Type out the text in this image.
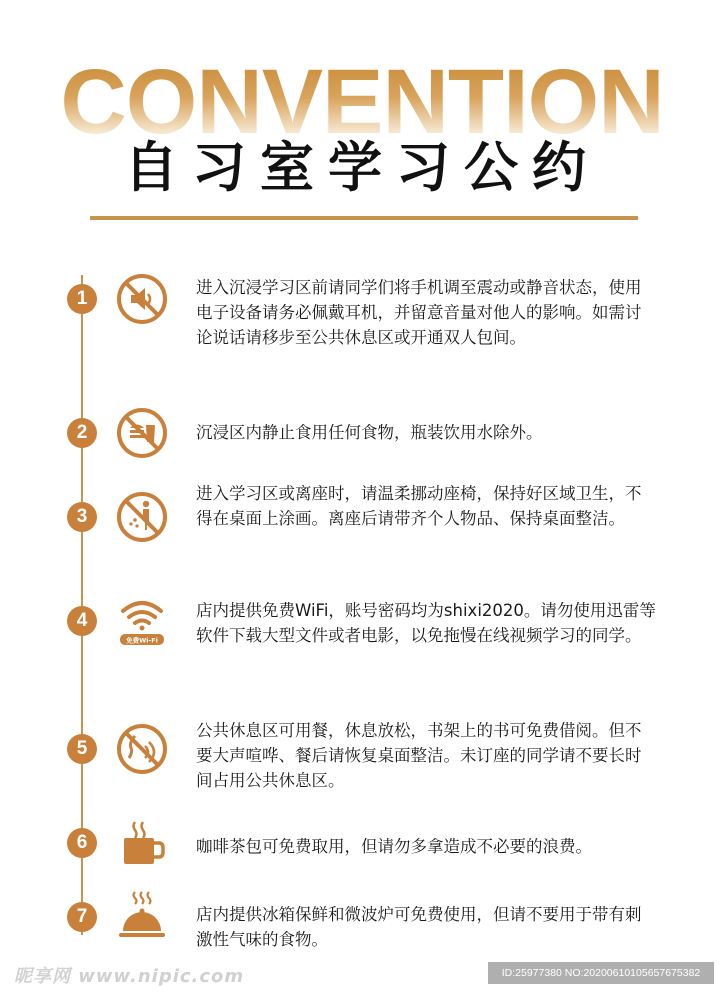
CONVENTION
自习室学习公约
1
进入沉浸学习区前请同学们将手机调至震动或静音状态，使用电子设备请务必佩戴耳机，并留意音量对他人的影响。如需讨论说话请移步至公共休息区或开通双人包间。
2	沉浸区内静止食用任何食物，瓶装饮用水除外。
3
进入学习区或离座时，请温柔挪动座椅，保持好区域卫生，不得在桌面上涂画。离座后请带齐个人物品、保持桌面整洁。
4
免费Wi-Fi
店内提供免费WiFi，账号密码均为shixi2020。请勿使用迅雷等软件下载大型文件或者电影，以免拖慢在线视频学习的同学。
5
公共休息区可用餐，休息放松，书架上的书可免费借阅。但不要大声喧哗、餐后请恢复桌面整洁。未订座的同学请不要长时间占用公共休息区。
6	咖啡茶包可免费取用，但请勿多拿造成不必要的浪费。
7	店内提供冰箱保鲜和微波炉可免费使用，但请不要用于带有刺激性气味的食物。
昵享网 www.nipic.com	ID:25977380 NO:20200610105657675382
